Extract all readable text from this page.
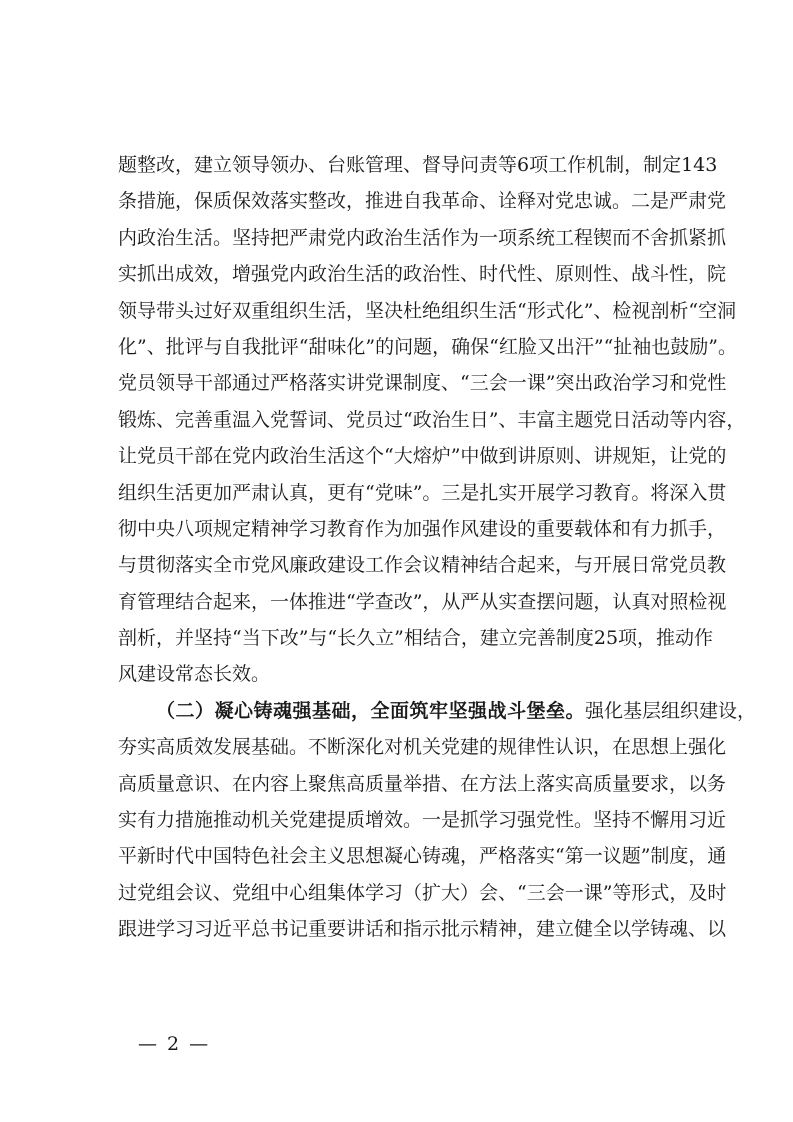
题整改，建立领导领办、台账管理、督导问责等6项工作机制，制定143
条措施，保质保效落实整改，推进自我革命、诠释对党忠诚。二是严肃党
内政治生活。坚持把严肃党内政治生活作为一项系统工程锲而不舍抓紧抓
实抓出成效，增强党内政治生活的政治性、时代性、原则性、战斗性，院
领导带头过好双重组织生活，坚决杜绝组织生活“形式化”、检视剖析“空洞
化”、批评与自我批评“甜味化”的问题，确保“红脸又出汗”“扯袖也鼓励”。
党员领导干部通过严格落实讲党课制度、“三会一课”突出政治学习和党性
锻炼、完善重温入党誓词、党员过“政治生日”、丰富主题党日活动等内容，
让党员干部在党内政治生活这个“大熔炉”中做到讲原则、讲规矩，让党的
组织生活更加严肃认真，更有“党味”。三是扎实开展学习教育。将深入贯
彻中央八项规定精神学习教育作为加强作风建设的重要载体和有力抓手，
与贯彻落实全市党风廉政建设工作会议精神结合起来，与开展日常党员教
育管理结合起来，一体推进“学查改”，从严从实查摆问题，认真对照检视
剖析，并坚持“当下改”与“长久立”相结合，建立完善制度25项，推动作
风建设常态长效。
（二）凝心铸魂强基础，全面筑牢坚强战斗堡垒。强化基层组织建设，
夯实高质效发展基础。不断深化对机关党建的规律性认识，在思想上强化
高质量意识、在内容上聚焦高质量举措、在方法上落实高质量要求，以务
实有力措施推动机关党建提质增效。一是抓学习强党性。坚持不懈用习近
平新时代中国特色社会主义思想凝心铸魂，严格落实“第一议题”制度，通
过党组会议、党组中心组集体学习（扩大）会、“三会一课”等形式，及时
跟进学习习近平总书记重要讲话和指示批示精神，建立健全以学铸魂、以
— 2 —
